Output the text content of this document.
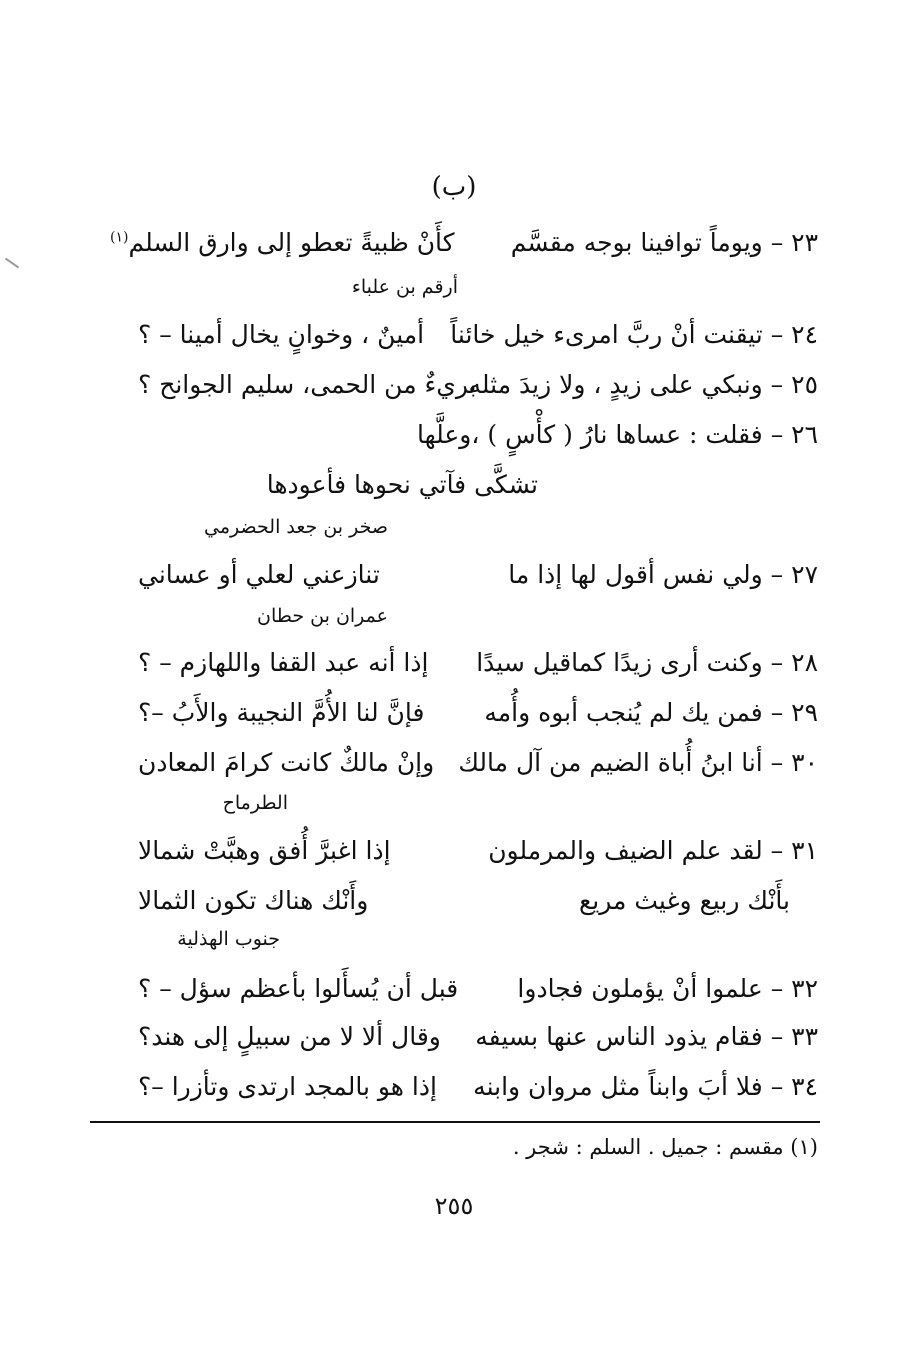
(ب)
٢٣ – ويوماً توافينا بوجه مقسَّم
كأَنْ ظبيةً تعطو إلى وارق السلم$^{(١)}$
أرقم بن علباء
٢٤ – تيقنت أنْ ربَّ امرىء خيل خائناً
أمينٌ ، وخوانٍ يخال أمينا – ؟
٢٥ – ونبكي على زيدٍ ، ولا زيدَ مثله
بريءٌ من الحمى، سليم الجوانح ؟
٢٦ – فقلت : عساها نارُ ( كأْسٍ ) ،وعلَّها
تشكَّى فآتي نحوها فأعودها
صخر بن جعد الحضرمي
٢٧ – ولي نفس أقول لها إذا ما
تنازعني لعلي أو عساني
عمران بن حطان
٢٨ – وكنت أرى زيدًا كماقيل سيدًا
إذا أنه عبد القفا واللهازم – ؟
٢٩ – فمن يك لم يُنجب أبوه وأُمه
فإنَّ لنا الأُمَّ النجيبة والأَبُ –؟
٣٠ – أنا ابنُ أُباة الضيم من آل مالك
وإنْ مالكٌ كانت كرامَ المعادن
الطرماح
٣١ – لقد علم الضيف والمرملون
إذا اغبرَّ أُفق وهبَّتْ شمالا
بأَنْك ربيع وغيث مريع
وأَنْك هناك تكون الثمالا
جنوب الهذلية
٣٢ – علموا أنْ يؤملون فجادوا
قبل أن يُسأَلوا بأعظم سؤل – ؟
٣٣ – فقام يذود الناس عنها بسيفه
وقال ألا لا من سبيلٍ إلى هند؟
٣٤ – فلا أبَ وابناً مثل مروان وابنه
إذا هو بالمجد ارتدى وتأزرا –؟
(١) مقسم : جميل . السلم : شجر .
٢٥٥
